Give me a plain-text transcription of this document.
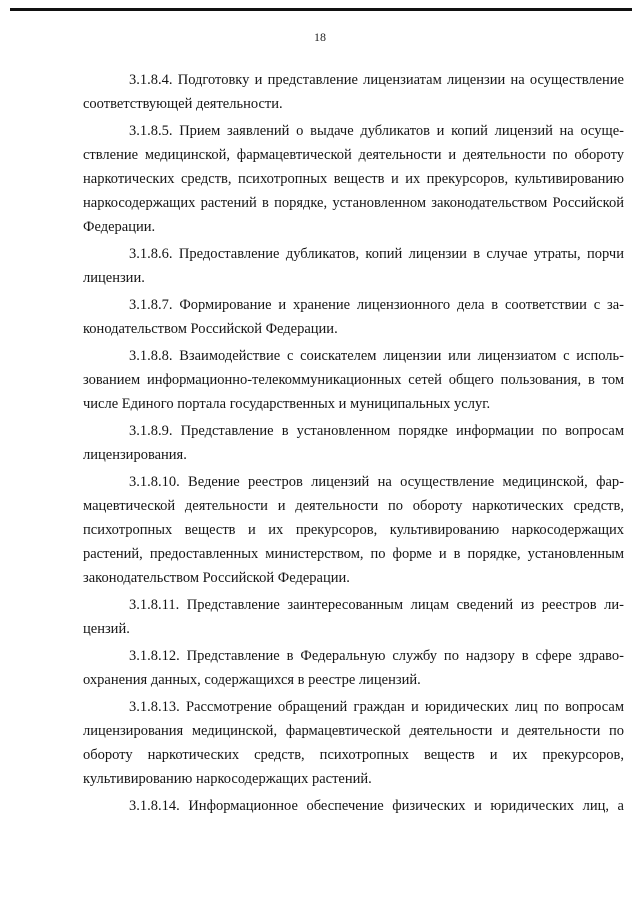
18

3.1.8.4. Подготовку и представление лицензиатам лицензии на осуществление соответствующей деятельности.

3.1.8.5. Прием заявлений о выдаче дубликатов и копий лицензий на осуществление медицинской, фармацевтической деятельности и деятельности по обороту наркотических средств, психотропных веществ и их прекурсоров, культивированию наркосодержащих растений в порядке, установленном законодательством Российской Федерации.

3.1.8.6. Предоставление дубликатов, копий лицензии в случае утраты, порчи лицензии.

3.1.8.7. Формирование и хранение лицензионного дела в соответствии с законодательством Российской Федерации.

3.1.8.8. Взаимодействие с соискателем лицензии или лицензиатом с использованием информационно-телекоммуникационных сетей общего пользования, в том числе Единого портала государственных и муниципальных услуг.

3.1.8.9. Представление в установленном порядке информации по вопросам лицензирования.

3.1.8.10. Ведение реестров лицензий на осуществление медицинской, фармацевтической деятельности и деятельности по обороту наркотических средств, психотропных веществ и их прекурсоров, культивированию наркосодержащих растений, предоставленных министерством, по форме и в порядке, установленным законодательством Российской Федерации.

3.1.8.11. Представление заинтересованным лицам сведений из реестров лицензий.

3.1.8.12. Представление в Федеральную службу по надзору в сфере здравоохранения данных, содержащихся в реестре лицензий.

3.1.8.13. Рассмотрение обращений граждан и юридических лиц по вопросам лицензирования медицинской, фармацевтической деятельности и деятельности по обороту наркотических средств, психотропных веществ и их прекурсоров, культивированию наркосодержащих растений.

3.1.8.14. Информационное обеспечение физических и юридических лиц, а
